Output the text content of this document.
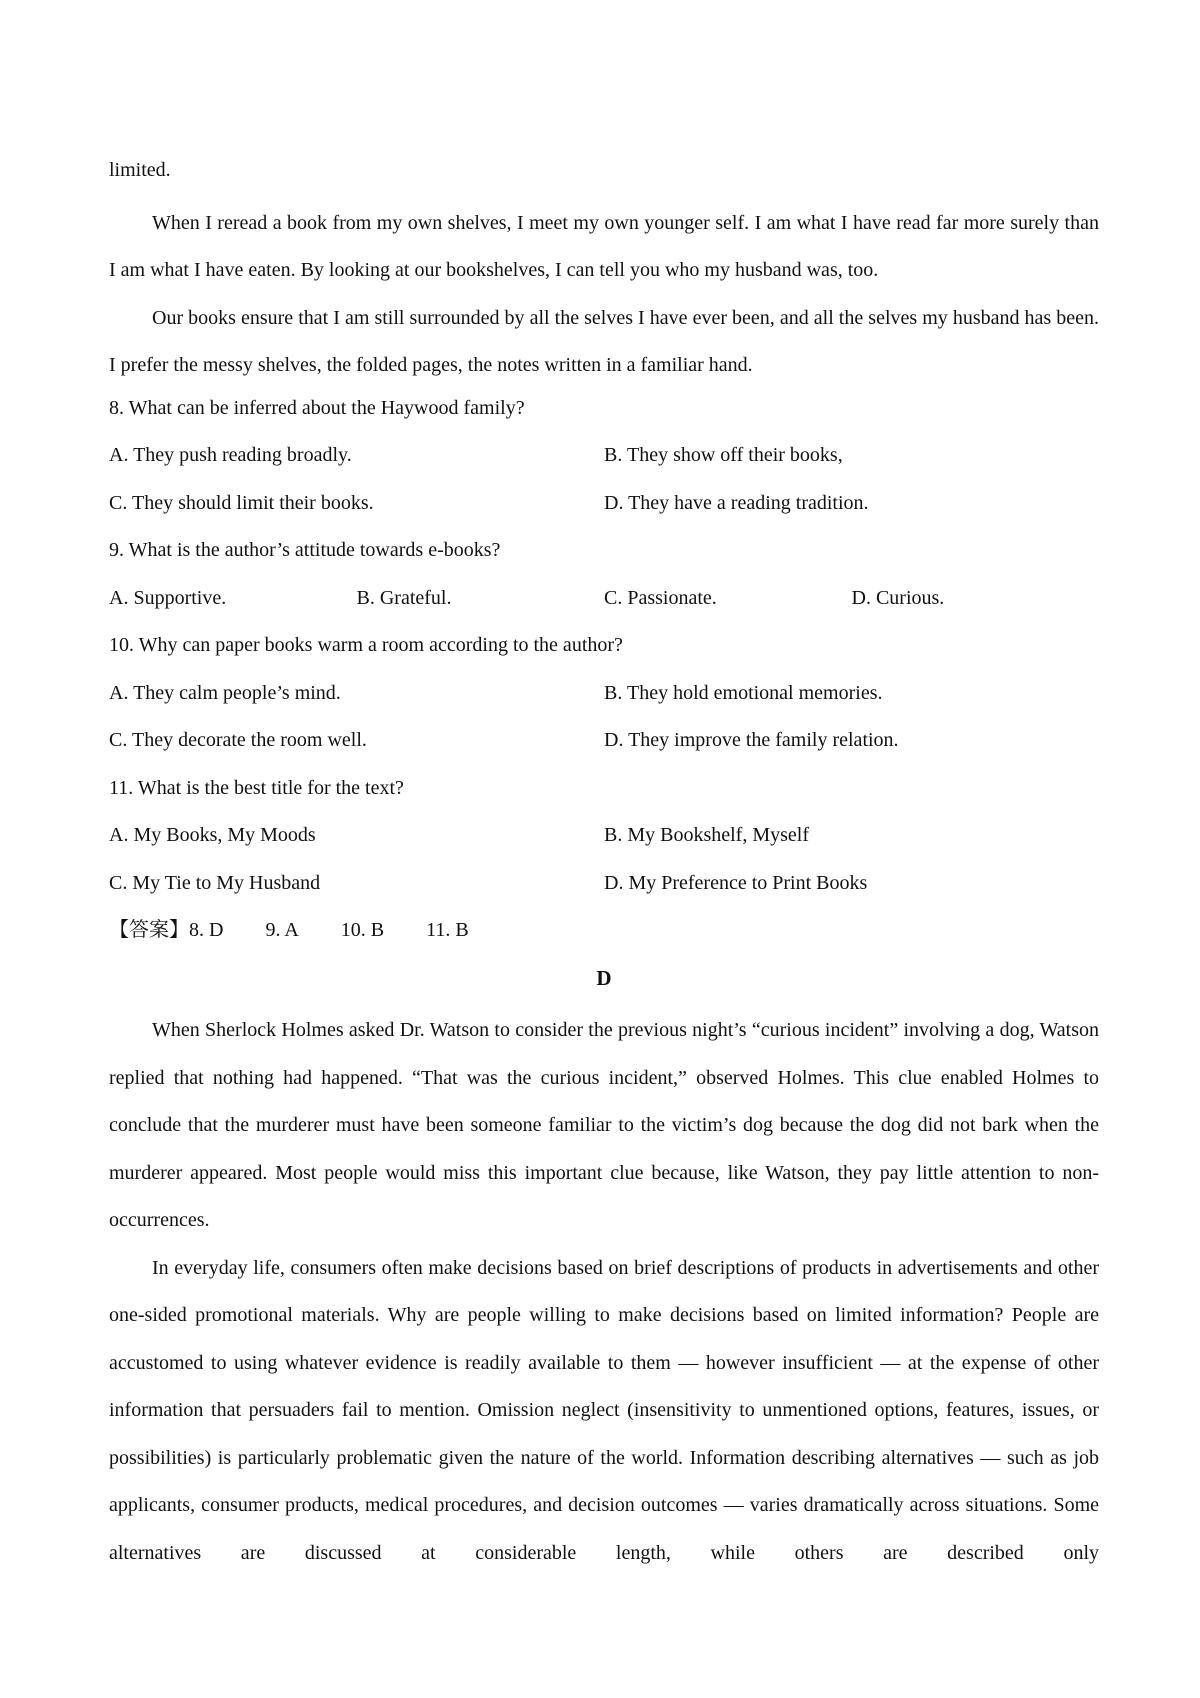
limited.

When I reread a book from my own shelves, I meet my own younger self. I am what I have read far more surely than I am what I have eaten. By looking at our bookshelves, I can tell you who my husband was, too.

Our books ensure that I am still surrounded by all the selves I have ever been, and all the selves my husband has been. I prefer the messy shelves, the folded pages, the notes written in a familiar hand.

8. What can be inferred about the Haywood family?
A. They push reading broadly.	B. They show off their books,
C. They should limit their books.	D. They have a reading tradition.
9. What is the author’s attitude towards e-books?
A. Supportive.	B. Grateful.	C. Passionate.	D. Curious.
10. Why can paper books warm a room according to the author?
A. They calm people’s mind.	B. They hold emotional memories.
C. They decorate the room well.	D. They improve the family relation.
11. What is the best title for the text?
A. My Books, My Moods	B. My Bookshelf, Myself
C. My Tie to My Husband	D. My Preference to Print Books
【答案】8. D 9. A 10. B 11. B
D

When Sherlock Holmes asked Dr. Watson to consider the previous night’s “curious incident” involving a dog, Watson replied that nothing had happened. “That was the curious incident,” observed Holmes. This clue enabled Holmes to conclude that the murderer must have been someone familiar to the victim’s dog because the dog did not bark when the murderer appeared. Most people would miss this important clue because, like Watson, they pay little attention to non-occurrences.

In everyday life, consumers often make decisions based on brief descriptions of products in advertisements and other one-sided promotional materials. Why are people willing to make decisions based on limited information? People are accustomed to using whatever evidence is readily available to them — however insufficient — at the expense of other information that persuaders fail to mention. Omission neglect (insensitivity to unmentioned options, features, issues, or possibilities) is particularly problematic given the nature of the world. Information describing alternatives — such as job applicants, consumer products, medical procedures, and decision outcomes — varies dramatically across situations. Some alternatives are discussed at considerable length, while others are described only
